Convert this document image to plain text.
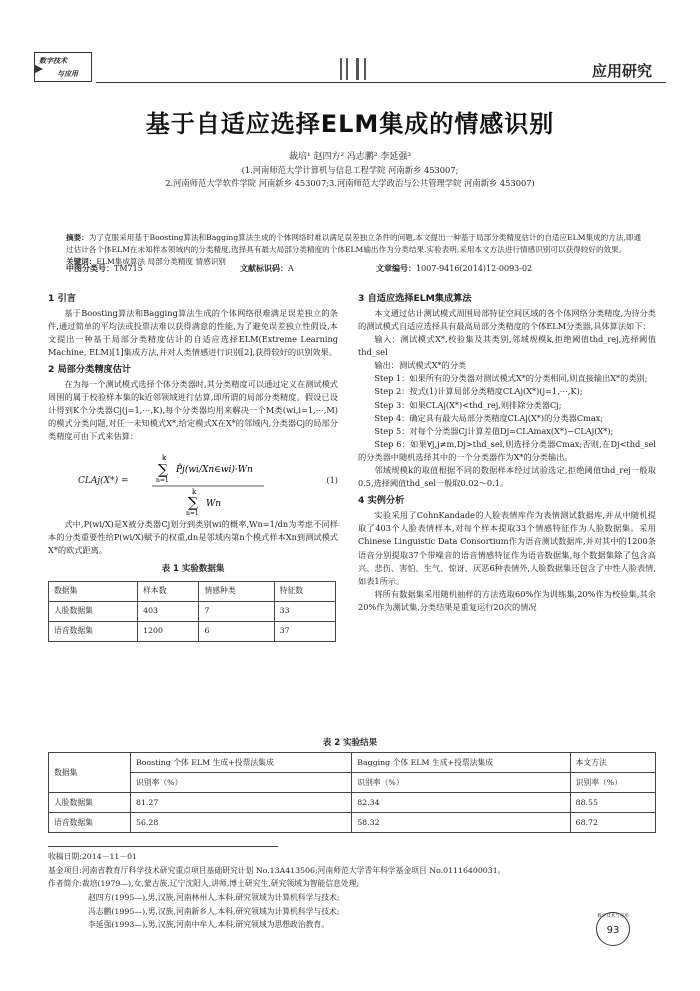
数字技术
与应用	应用研究
基于自适应选择ELM集成的情感识别
裁培¹ 赵四方² 冯志鹏² 李延强³
(1.河南师范大学计算机与信息工程学院 河南新乡 453007;
2.河南师范大学软件学院 河南新乡 453007;3.河南师范大学政治与公共管理学院 河南新乡 453007)
摘要：为了克服采用基于Boosting算法和Bagging算法生成的个体网络时难以满足误差独立条件的问题,本文提出一种基于局部分类精度估计的自适应ELM集成的方法,即通过估计各个体ELM在未知样本领域内的分类精度,选择具有最大局部分类精度的个体ELM输出作为分类结果.实验表明,采用本文方法进行情感识别可以获得较好的效果。
关键词：ELM集成算法 局部分类精度 情感识别
中图分类号：TM715	文献标识码：A	文章编号：1007-9416(2014)12-0093-02
1 引言

基于Boosting算法和Bagging算法生成的个体网络很难满足误差独立的条件,通过简单的平均法或投票法难以获得满意的性能,为了避免误差独立性假设,本文提出一种基于局部分类精度估计的自适应选择ELM(Extreme Learning Machine, ELM)[1]集成方法,并对人类情感进行识别[2],获得较好的识别效果。

2 局部分类精度估计

在为每一个测试模式选择个体分类器时,其分类精度可以通过定义在测试模式周围的属于校验样本集的k近邻领域进行估算,即所谓的局部分类精度。假设已设计得到K个分类器Cj(j=1,⋯,K),每个分类器均用来解决一个M类(wi,i=1,⋯,M)的模式分类问题,对任一未知模式X*,给定模式X在X*的邻域内,分类器Cj的局部分类精度可由下式来估算：

CLAj(X*) =
k
∑
n=1
P̂j(wi/Xn∈wi)·Wn
k
∑
n=1
Wn
(1)

式中,P(wi/X)是X被分类器Cj划分到类别wi的概率,Wn=1/dn为考虑不同样本的分类重要性给P(wi/X)赋予的权重,dn是邻域内第n个模式样本Xn到测试模式X*的欧式距离。

表 1 实验数据集
数据集	样本数	情感种类	特征数
人脸数据集	403	7	33
语音数据集	1200	6	37
3 自适应选择ELM集成算法

本文通过估计测试模式周围局部特征空间区域的各个体网络分类精度,为待分类的测试模式自适应选择具有最高局部分类精度的个体ELM分类器,具体算法如下：

输入：测试模式X*,校验集及其类别,邻域规模k,拒绝阈值thd_rej,选择阈值thd_sel

输出：测试模式X*的分类

Step 1：如果所有的分类器对测试模式X*的分类相同,则直接输出X*的类别;

Step 2：按式(1)计算局部分类精度CLAj(X*)(j=1,⋯,K);

Step 3：如果CLAj(X*)<thd_rej,则排除分类器Cj;

Step 4：确定具有最大局部分类精度CLAj(X*)的分类器Cmax;

Step 5：对每个分类器Cj计算差值Dj=CLAmax(X*)−CLAj(X*);

Step 6：如果∀j,j≠m,Dj>thd_sel,则选择分类器Cmax;否则,在Dj<thd_sel的分类器中随机选择其中的一个分类器作为X*的分类输出。

邻域规模k的取值根据不同的数据样本经过试验选定,拒绝阈值thd_rej一般取0.5,选择阈值thd_sel一般取0.02～0.1。

4 实例分析

实验采用了CohnKandade的人脸表情库作为表情测试数据库,并从中随机提取了403个人脸表情样本,对每个样本提取33个情感特征作为人脸数据集。采用Chinese Linguistic Data Consortium作为语音测试数据库,并对其中的1200条语音分别提取37个带噪音的语音情感特征作为语音数据集,每个数据集除了包含高兴、悲伤、害怕、生气、惊讶、厌恶6种表情外,人脸数据集还包含了中性人脸表情,如表1所示。

将所有数据集采用随机抽样的方法选取60%作为训练集,20%作为校验集,其余20%作为测试集,分类结果是重复运行20次的情况

表 2 实验结果
数据集	Boosting 个体 ELM 生成+投票法集成	Bagging 个体 ELM 生成+投票法集成	本文方法
	识别率（%）	识别率（%）	识别率（%）
人脸数据集	81.27	82.34	88.55
语音数据集	56.28	58.32	68.72
收稿日期:2014－11－01
基金项目:河南省教育厅科学技术研究重点项目基础研究计划 No.13A413506;河南师范大学青年科学基金项目 No.01116400031。
作者简介:裁培(1979—),女,蒙古族,辽宁沈阳人,讲师,博士研究生,研究领域为智能信息处理;
赵四方(1995—),男,汉族,河南林州人,本科,研究领域为计算机科学与技术;
冯志鹏(1995—),男,汉族,河南新乡人,本科,研究领域为计算机科学与技术;
李延强(1993—),男,汉族,河南中牟人,本科,研究领域为思想政治教育。
数字技术与应用
93
